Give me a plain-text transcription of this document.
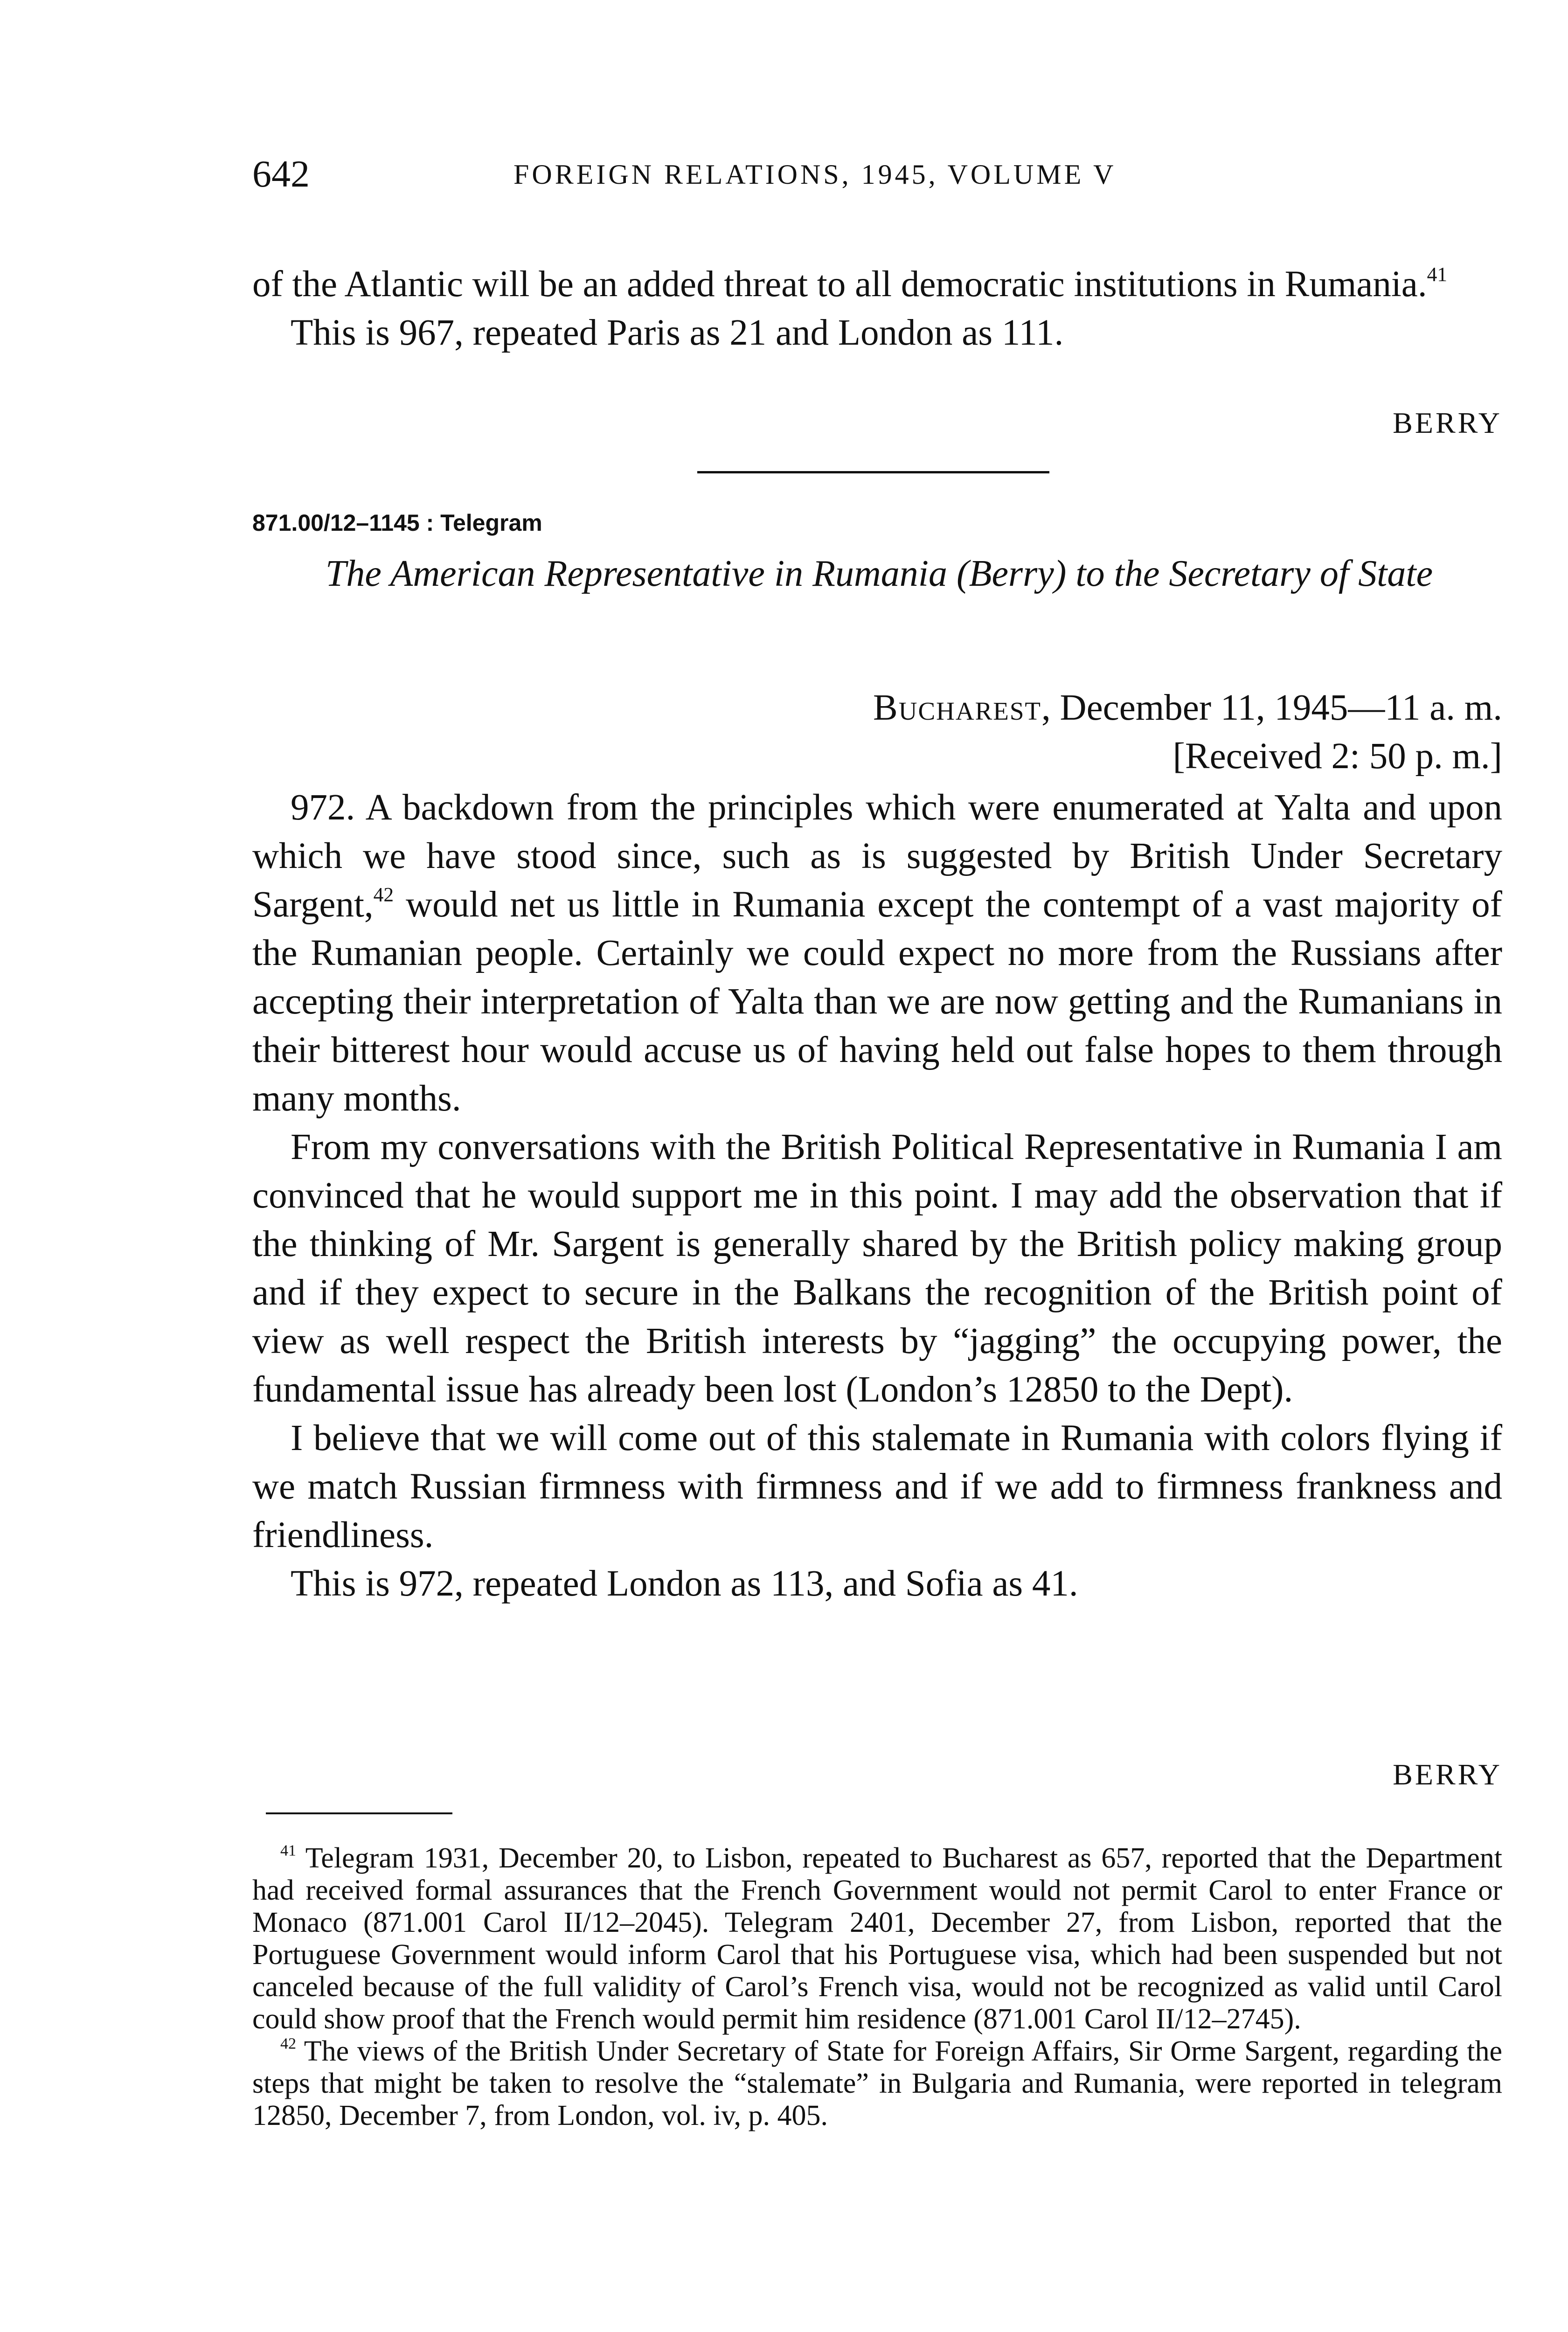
642	FOREIGN RELATIONS, 1945, VOLUME V

of the Atlantic will be an added threat to all democratic institutions in Rumania.$^{41}$

This is 967, repeated Paris as 21 and London as 111.

BERRY

871.00/12–1145 : Telegram

The American Representative in Rumania (Berry) to the Secretary of State

Bucharest, December 11, 1945—11 a. m.

[Received 2: 50 p. m.]

972. A backdown from the principles which were enumerated at Yalta and upon which we have stood since, such as is suggested by British Under Secretary Sargent,$^{42}$ would net us little in Rumania except the contempt of a vast majority of the Rumanian people. Certainly we could expect no more from the Russians after accepting their interpretation of Yalta than we are now getting and the Rumanians in their bitterest hour would accuse us of having held out false hopes to them through many months.

From my conversations with the British Political Representative in Rumania I am convinced that he would support me in this point. I may add the observation that if the thinking of Mr. Sargent is generally shared by the British policy making group and if they expect to secure in the Balkans the recognition of the British point of view as well respect the British interests by “jagging” the occupying power, the fundamental issue has already been lost (London’s 12850 to the Dept).

I believe that we will come out of this stalemate in Rumania with colors flying if we match Russian firmness with firmness and if we add to firmness frankness and friendliness.

This is 972, repeated London as 113, and Sofia as 41.

BERRY

$^{41}$ Telegram 1931, December 20, to Lisbon, repeated to Bucharest as 657, reported that the Department had received formal assurances that the French Government would not permit Carol to enter France or Monaco (871.001 Carol II/12–2045). Telegram 2401, December 27, from Lisbon, reported that the Portuguese Government would inform Carol that his Portuguese visa, which had been suspended but not canceled because of the full validity of Carol’s French visa, would not be recognized as valid until Carol could show proof that the French would permit him residence (871.001 Carol II/12–2745).

$^{42}$ The views of the British Under Secretary of State for Foreign Affairs, Sir Orme Sargent, regarding the steps that might be taken to resolve the “stalemate” in Bulgaria and Rumania, were reported in telegram 12850, December 7, from London, vol. iv, p. 405.
